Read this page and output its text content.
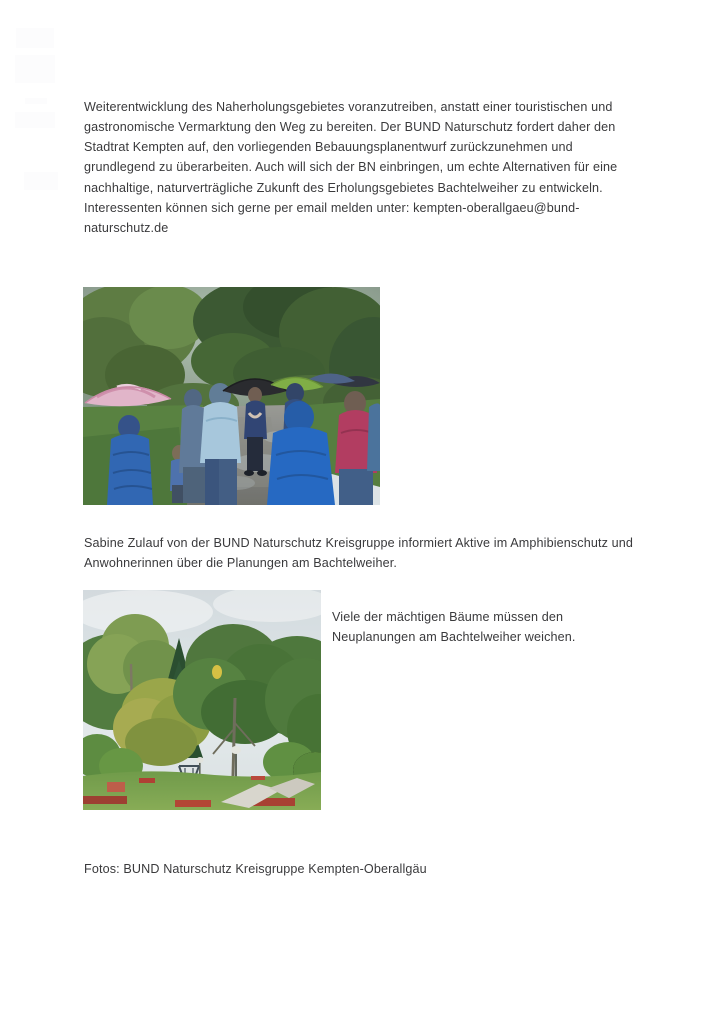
Weiterentwicklung des Naherholungsgebietes voranzutreiben, anstatt einer touristischen und gastronomische Vermarktung den Weg zu bereiten. Der BUND Naturschutz fordert daher den Stadtrat Kempten auf, den vorliegenden Bebauungsplanentwurf zurückzunehmen und grundlegend zu überarbeiten. Auch will sich der BN einbringen, um echte Alternativen für eine nachhaltige, naturverträgliche Zukunft des Erholungsgebietes Bachtelweiher zu entwickeln. Interessenten können sich gerne per email melden unter: kempten-oberallgaeu@bund-naturschutz.de

Sabine Zulauf von der BUND Naturschutz Kreisgruppe informiert Aktive im Amphibienschutz und Anwohnerinnen über die Planungen am Bachtelweiher.

Viele der mächtigen Bäume müssen den Neuplanungen am Bachtelweiher weichen.

Fotos: BUND Naturschutz Kreisgruppe Kempten-Oberallgäu
